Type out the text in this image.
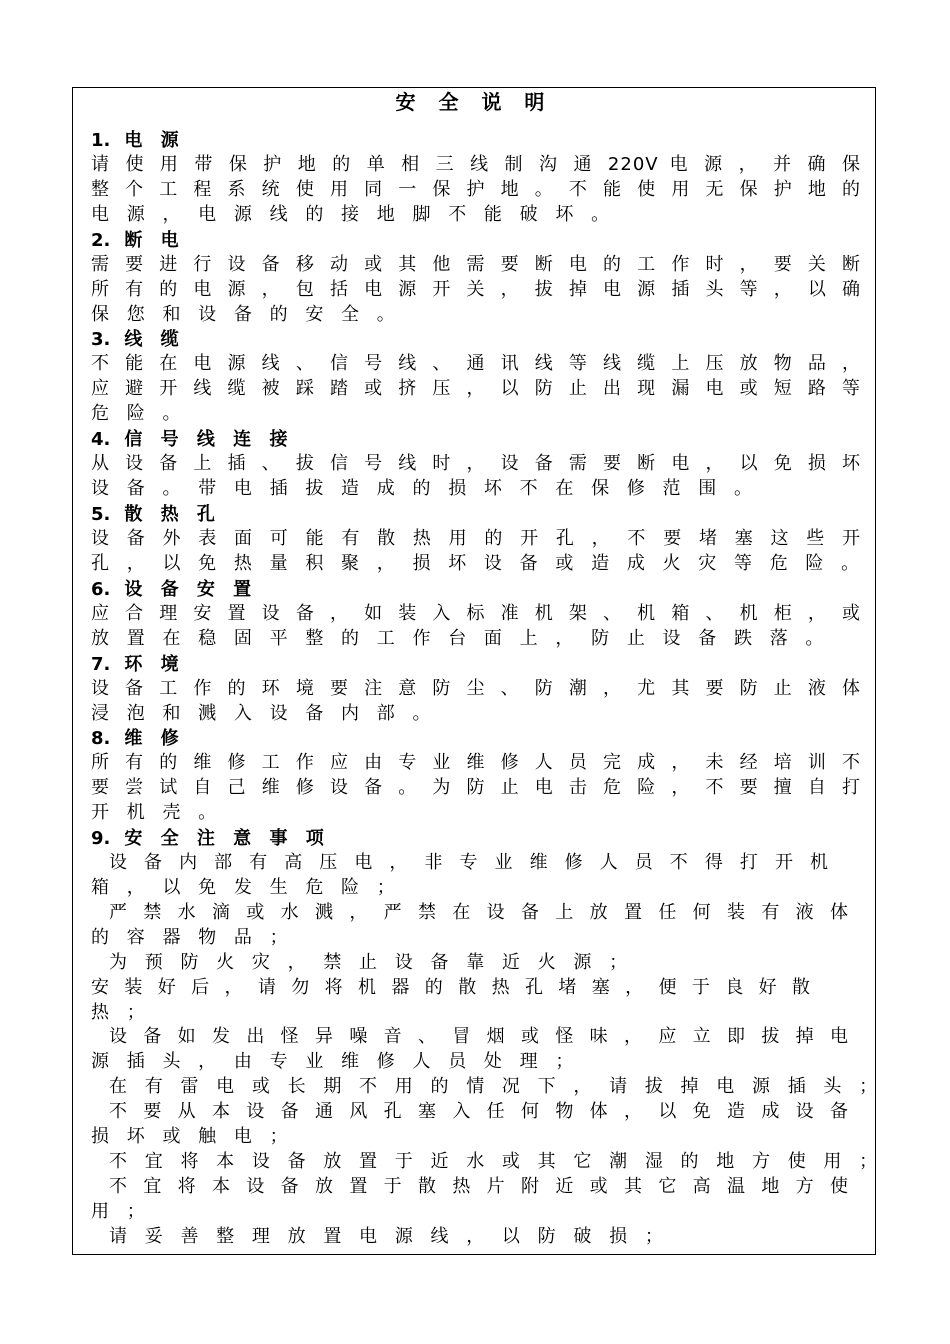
安 全 说 明
1. 电 源
请 使 用 带 保 护 地 的 单 相 三 线 制 沟 通 220V 电 源 ， 并 确 保
整 个 工 程 系 统 使 用 同 一 保 护 地 。 不 能 使 用 无 保 护 地 的
电 源 ， 电 源 线 的 接 地 脚 不 能 破 坏 。
2. 断 电
需 要 进 行 设 备 移 动 或 其 他 需 要 断 电 的 工 作 时 ， 要 关 断
所 有 的 电 源 ， 包 括 电 源 开 关 ， 拔 掉 电 源 插 头 等 ， 以 确
保 您 和 设 备 的 安 全 。
3. 线 缆
不 能 在 电 源 线 、 信 号 线 、 通 讯 线 等 线 缆 上 压 放 物 品 ，
应 避 开 线 缆 被 踩 踏 或 挤 压 ， 以 防 止 出 现 漏 电 或 短 路 等
危 险 。
4. 信 号 线 连 接
从 设 备 上 插 、 拔 信 号 线 时 ， 设 备 需 要 断 电 ， 以 免 损 坏
设 备 。 带 电 插 拔 造 成 的 损 坏 不 在 保 修 范 围 。
5. 散 热 孔
设 备 外 表 面 可 能 有 散 热 用 的 开 孔 ， 不 要 堵 塞 这 些 开
孔 ， 以 免 热 量 积 聚 ， 损 坏 设 备 或 造 成 火 灾 等 危 险 。
6. 设 备 安 置
应 合 理 安 置 设 备 ， 如 装 入 标 准 机 架 、 机 箱 、 机 柜 ， 或
放 置 在 稳 固 平 整 的 工 作 台 面 上 ， 防 止 设 备 跌 落 。
7. 环 境
设 备 工 作 的 环 境 要 注 意 防 尘 、 防 潮 ， 尤 其 要 防 止 液 体
浸 泡 和 溅 入 设 备 内 部 。
8. 维 修
所 有 的 维 修 工 作 应 由 专 业 维 修 人 员 完 成 ， 未 经 培 训 不
要 尝 试 自 己 维 修 设 备 。 为 防 止 电 击 危 险 ， 不 要 擅 自 打
开 机 壳 。
9. 安 全 注 意 事 项
设 备 内 部 有 高 压 电 ， 非 专 业 维 修 人 员 不 得 打 开 机
箱 ， 以 免 发 生 危 险 ；
严 禁 水 滴 或 水 溅 ， 严 禁 在 设 备 上 放 置 任 何 装 有 液 体
的 容 器 物 品 ；
为 预 防 火 灾 ， 禁 止 设 备 靠 近 火 源 ；
安 装 好 后 ， 请 勿 将 机 器 的 散 热 孔 堵 塞 ， 便 于 良 好 散
热 ；
设 备 如 发 出 怪 异 噪 音 、 冒 烟 或 怪 味 ， 应 立 即 拔 掉 电
源 插 头 ， 由 专 业 维 修 人 员 处 理 ；
在 有 雷 电 或 长 期 不 用 的 情 况 下 ， 请 拔 掉 电 源 插 头 ；
不 要 从 本 设 备 通 风 孔 塞 入 任 何 物 体 ， 以 免 造 成 设 备
损 坏 或 触 电 ；
不 宜 将 本 设 备 放 置 于 近 水 或 其 它 潮 湿 的 地 方 使 用 ；
不 宜 将 本 设 备 放 置 于 散 热 片 附 近 或 其 它 高 温 地 方 使
用 ；
请 妥 善 整 理 放 置 电 源 线 ， 以 防 破 损 ；
